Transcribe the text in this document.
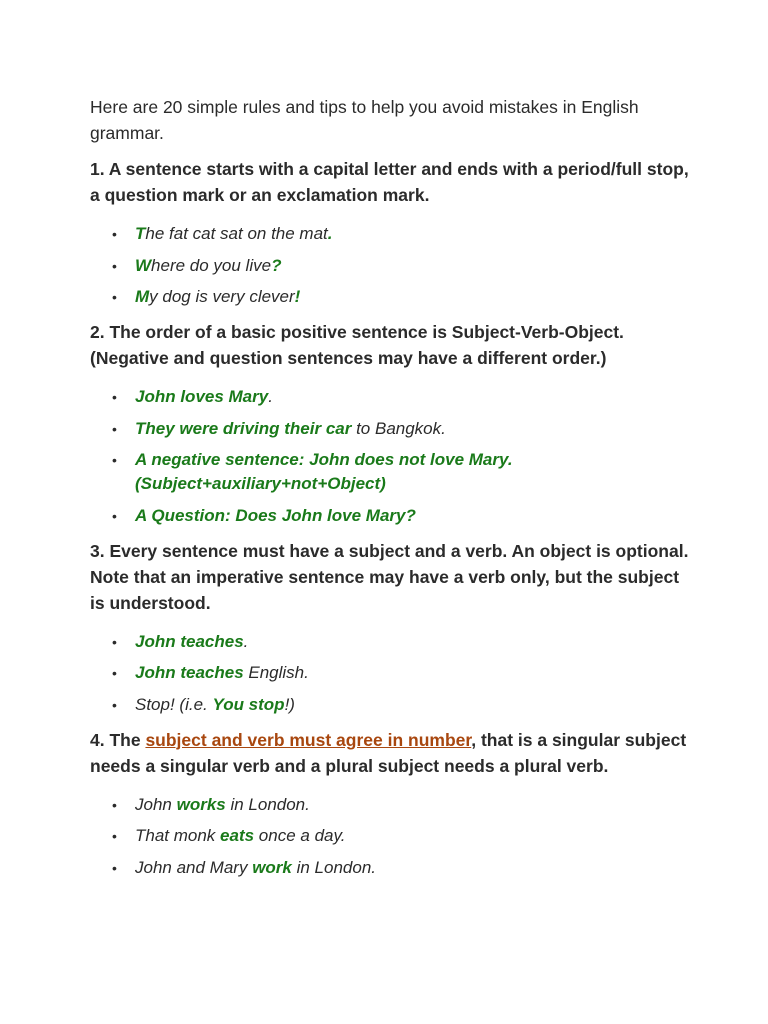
Here are 20 simple rules and tips to help you avoid mistakes in English grammar.

1. A sentence starts with a capital letter and ends with a period/full stop, a question mark or an exclamation mark.

• The fat cat sat on the mat.
• Where do you live?
• My dog is very clever!

2. The order of a basic positive sentence is Subject-Verb-Object. (Negative and question sentences may have a different order.)

• John loves Mary.
• They were driving their car to Bangkok.
• A negative sentence: John does not love Mary.
(Subject+auxiliary+not+Object)
• A Question: Does John love Mary?

3. Every sentence must have a subject and a verb. An object is optional. Note that an imperative sentence may have a verb only, but the subject is understood.

• John teaches.
• John teaches English.
• Stop! (i.e. You stop!)

4. The subject and verb must agree in number, that is a singular subject needs a singular verb and a plural subject needs a plural verb.

• John works in London.
• That monk eats once a day.
• John and Mary work in London.
